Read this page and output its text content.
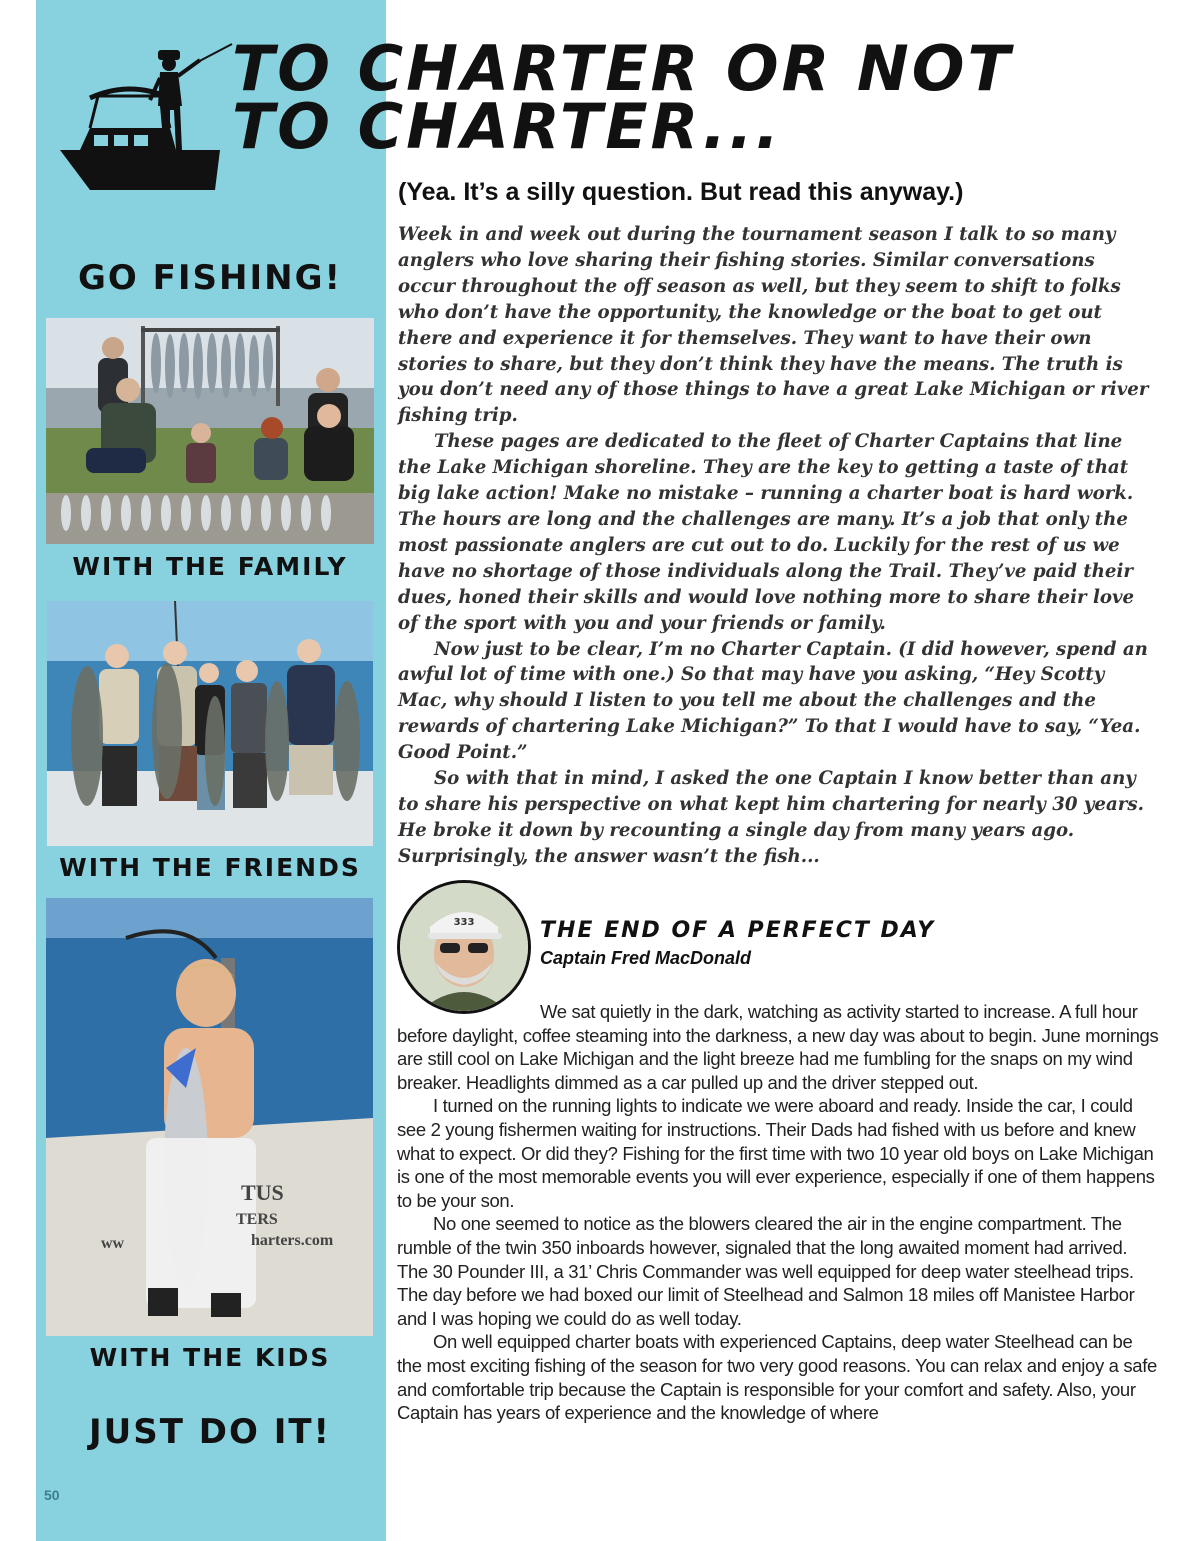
TO CHARTER OR NOT
TO CHARTER...
(Yea. It’s a silly question. But read this anyway.)

Week in and week out during the tournament season I talk to so many anglers who love sharing their fishing stories. Similar conversations occur throughout the off season as well, but they seem to shift to folks who don’t have the opportunity, the knowledge or the boat to get out there and experience it for themselves. They want to have their own stories to share, but they don’t think they have the means. The truth is you don’t need any of those things to have a great Lake Michigan or river fishing trip.

These pages are dedicated to the fleet of Charter Captains that line the Lake Michigan shoreline. They are the key to getting a taste of that big lake action! Make no mistake – running a charter boat is hard work. The hours are long and the challenges are many. It’s a job that only the most passionate anglers are cut out to do. Luckily for the rest of us we have no shortage of those individuals along the Trail. They’ve paid their dues, honed their skills and would love nothing more to share their love of the sport with you and your friends or family.

Now just to be clear, I’m no Charter Captain. (I did however, spend an awful lot of time with one.) So that may have you asking, “Hey Scotty Mac, why should I listen to you tell me about the challenges and the rewards of chartering Lake Michigan?” To that I would have to say, “Yea. Good Point.”

So with that in mind, I asked the one Captain I know better than any to share his perspective on what kept him chartering for nearly 30 years. He broke it down by recounting a single day from many years ago. Surprisingly, the answer wasn’t the fish...

GO FISHING!
WITH THE FAMILY
WITH THE FRIENDS
TUS
TERS
harters.com
ww
WITH THE KIDS
JUST DO IT!
50
333	THE END OF A PERFECT DAY
Captain Fred MacDonald

We sat quietly in the dark, watching as activity started to increase. A full hour before daylight, coffee steaming into the darkness, a new day was about to begin. June mornings are still cool on Lake Michigan and the light breeze had me fumbling for the snaps on my wind breaker. Headlights dimmed as a car pulled up and the driver stepped out.

I turned on the running lights to indicate we were aboard and ready. Inside the car, I could see 2 young fishermen waiting for instructions. Their Dads had fished with us before and knew what to expect. Or did they? Fishing for the first time with two 10 year old boys on Lake Michigan is one of the most memorable events you will ever experience, especially if one of them happens to be your son.

No one seemed to notice as the blowers cleared the air in the engine compartment. The rumble of the twin 350 inboards however, signaled that the long awaited moment had arrived. The 30 Pounder III, a 31’ Chris Commander was well equipped for deep water steelhead trips. The day before we had boxed our limit of Steelhead and Salmon 18 miles off Manistee Harbor and I was hoping we could do as well today.

On well equipped charter boats with experienced Captains, deep water Steelhead can be the most exciting fishing of the season for two very good reasons. You can relax and enjoy a safe and comfortable trip because the Captain is responsible for your comfort and safety. Also, your Captain has years of experience and the knowledge of where
